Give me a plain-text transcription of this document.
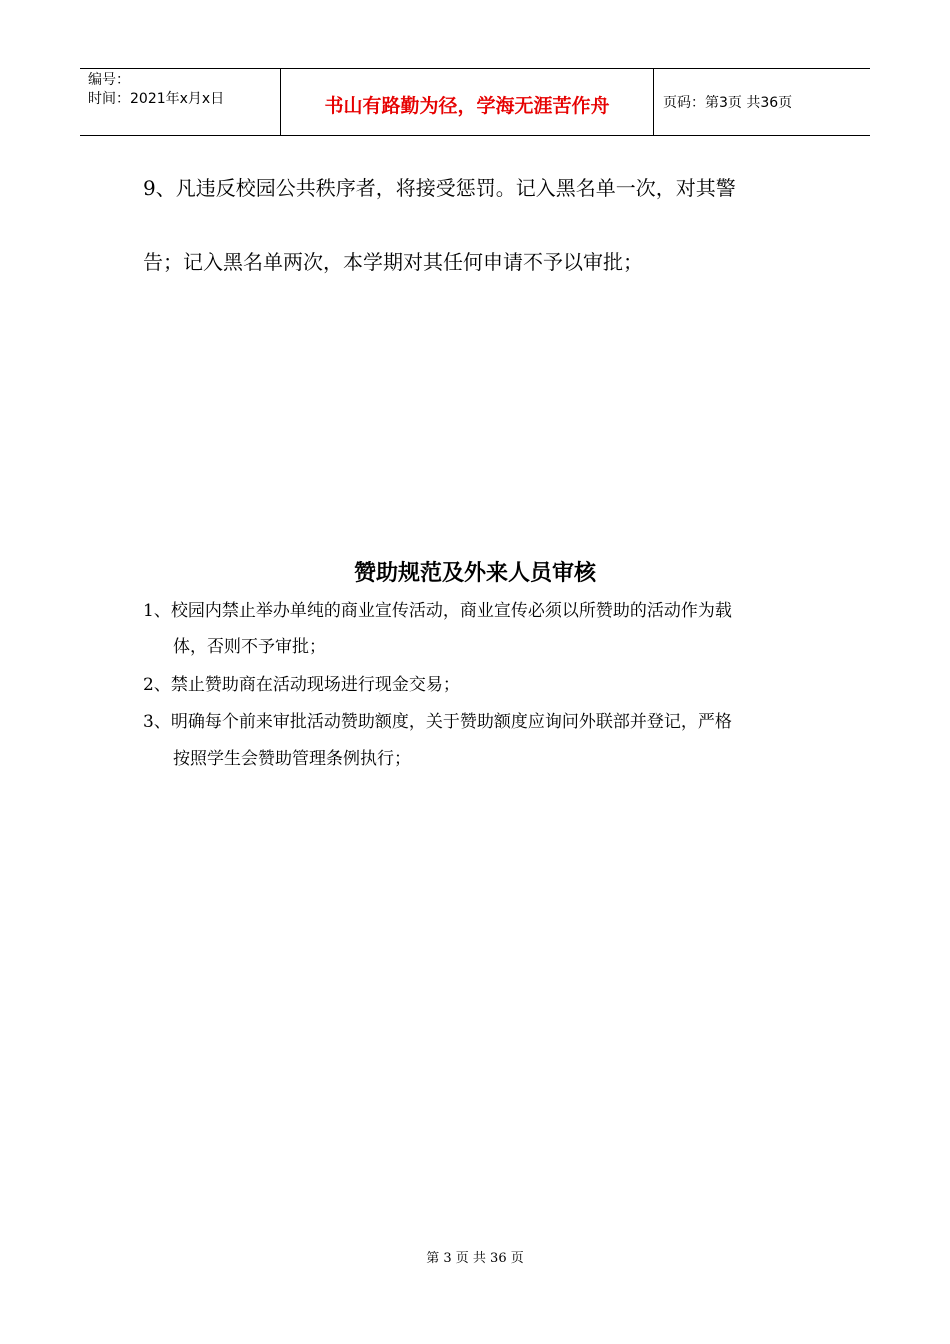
编号：
时间：2021年x月x日	书山有路勤为径，学海无涯苦作舟	页码：第3页 共36页
9、凡违反校园公共秩序者，将接受惩罚。记入黑名单一次，对其警
告；记入黑名单两次，本学期对其任何申请不予以审批；
赞助规范及外来人员审核
1、校园内禁止举办单纯的商业宣传活动，商业宣传必须以所赞助的活动作为载
体，否则不予审批；
2、禁止赞助商在活动现场进行现金交易；
3、明确每个前来审批活动赞助额度，关于赞助额度应询问外联部并登记，严格
按照学生会赞助管理条例执行；
第 3 页 共 36 页
